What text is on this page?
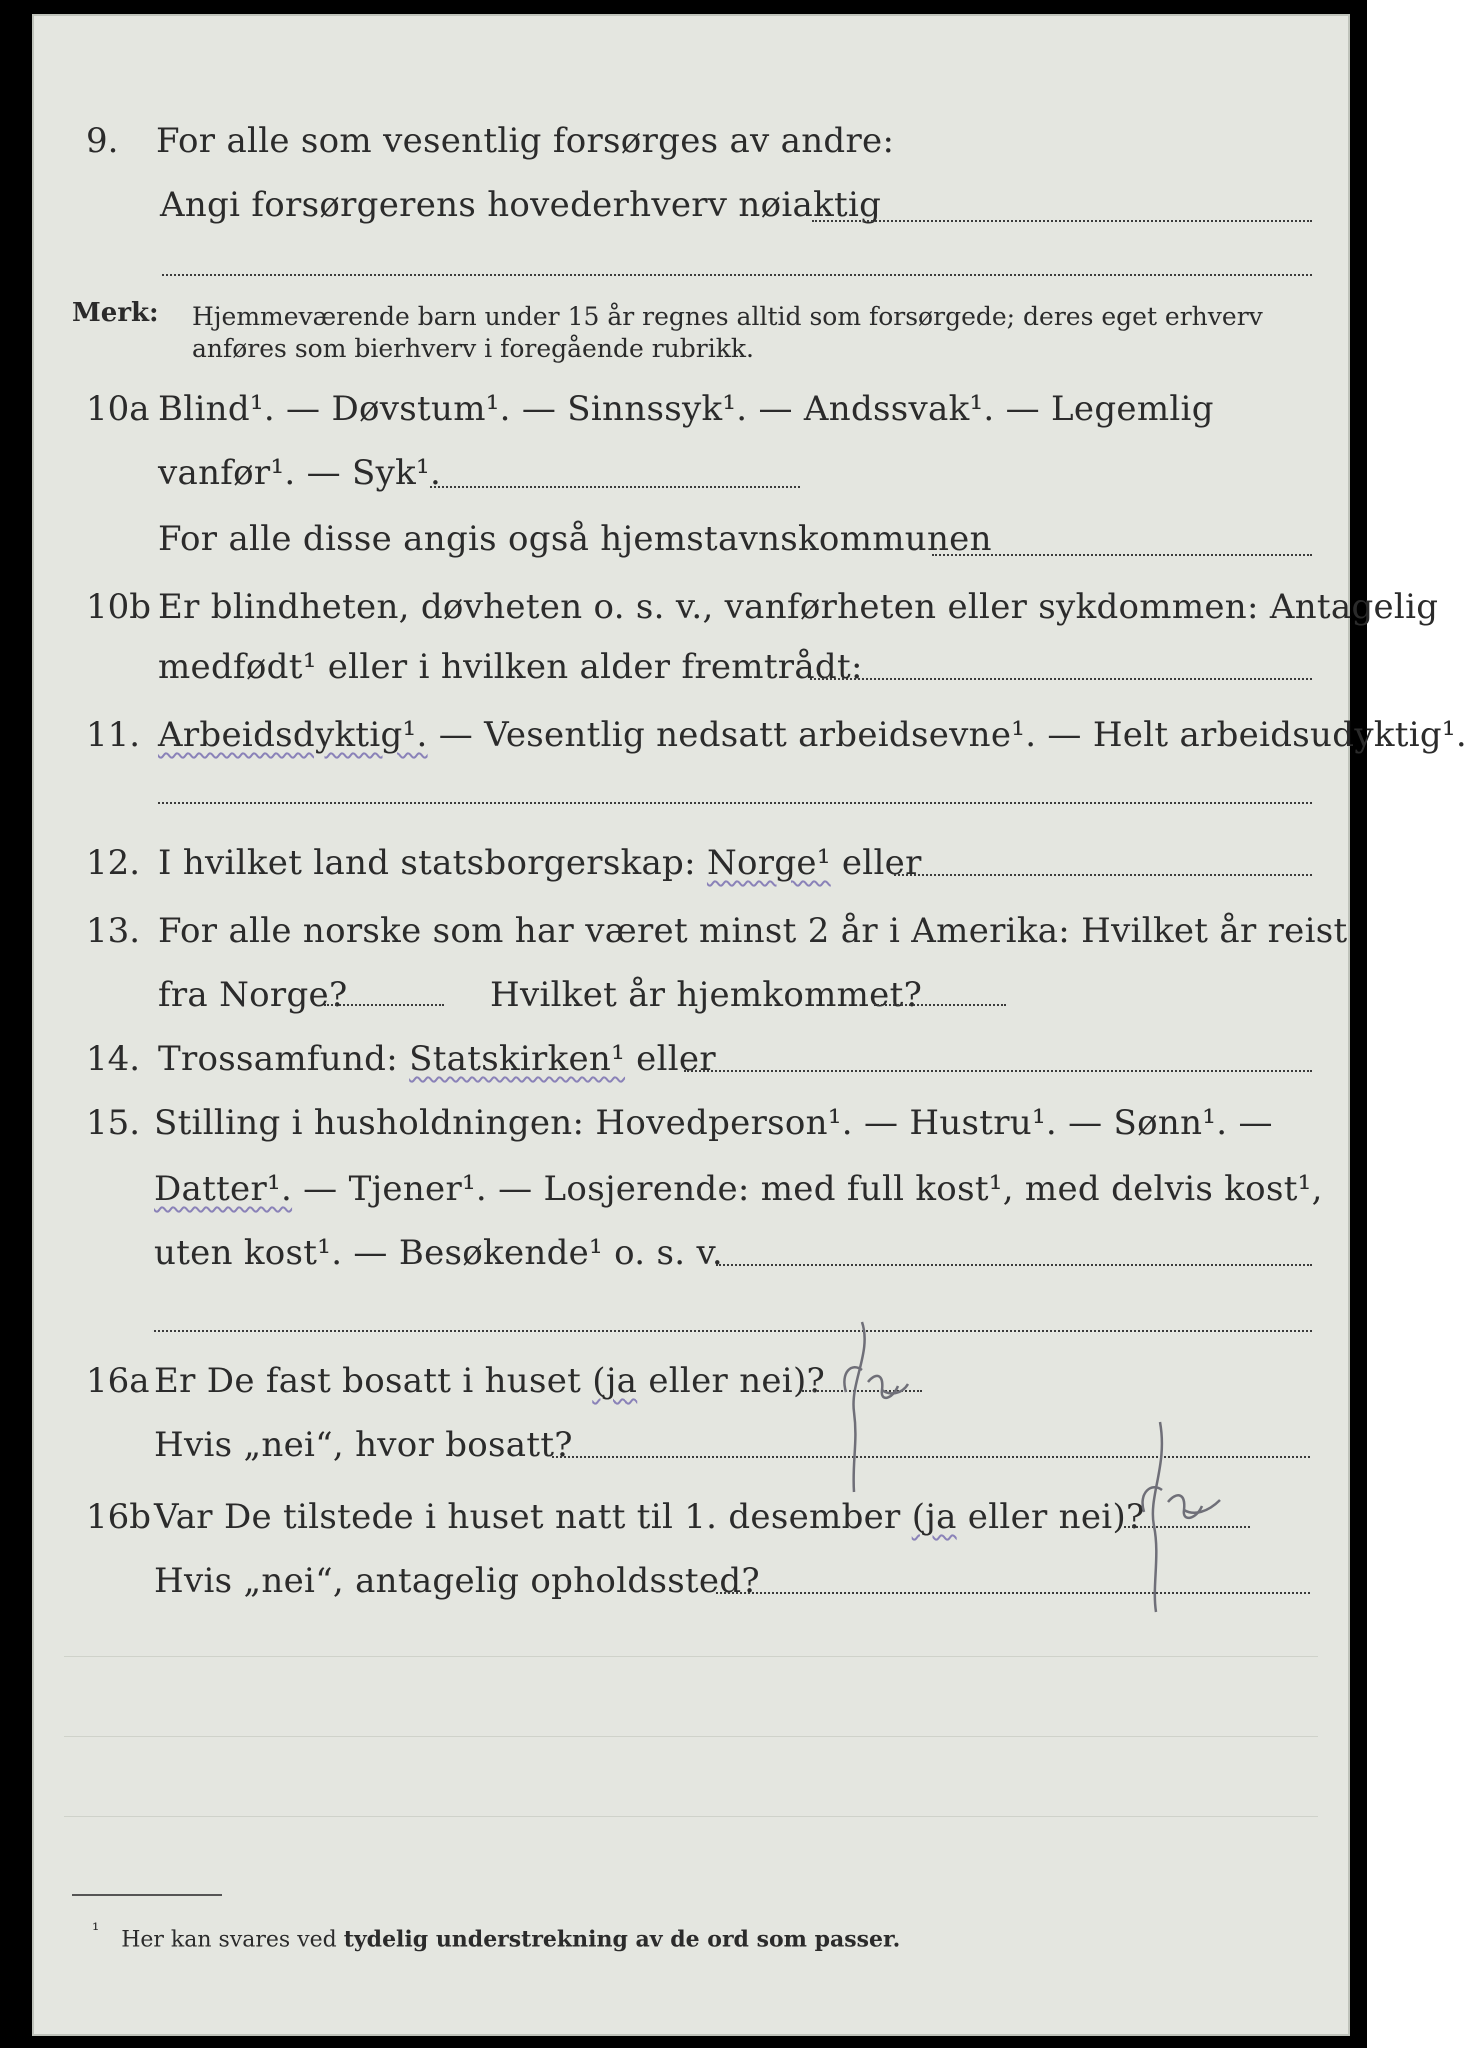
9. For alle som vesentlig forsørges av andre:
Angi forsørgerens hovederhverv nøiaktig
Merk: Hjemmeværende barn under 15 år regnes alltid som forsørgede; deres eget erhverv
anføres som bierhverv i foregående rubrikk.
10a Blind¹. — Døvstum¹. — Sinnssyk¹. — Andssvak¹. — Legemlig
vanfør¹. — Syk¹.
For alle disse angis også hjemstavnskommunen
10b Er blindheten, døvheten o. s. v., vanførheten eller sykdommen: Antagelig
medfødt¹ eller i hvilken alder fremtrådt:
11. Arbeidsdyktig¹. — Vesentlig nedsatt arbeidsevne¹. — Helt arbeidsudyktig¹.
12. I hvilket land statsborgerskap: Norge¹ eller
13. For alle norske som har været minst 2 år i Amerika: Hvilket år reist
fra Norge?	Hvilket år hjemkommet?
14. Trossamfund: Statskirken¹ eller
15. Stilling i husholdningen: Hovedperson¹. — Hustru¹. — Sønn¹. —
Datter¹. — Tjener¹. — Losjerende: med full kost¹, med delvis kost¹,
uten kost¹. — Besøkende¹ o. s. v.
16a Er De fast bosatt i huset (ja eller nei)?
Hvis „nei“, hvor bosatt?
16b Var De tilstede i huset natt til 1. desember (ja eller nei)?
Hvis „nei“, antagelig opholdssted?
$^{^1}$ Her kan svares ved tydelig understrekning av de ord som passer.
